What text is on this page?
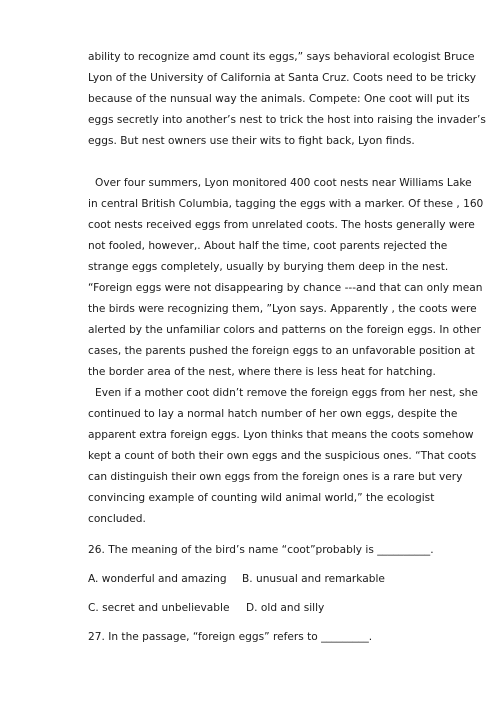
ability to recognize amd count its eggs,” says behavioral ecologist Bruce
Lyon of the University of California at Santa Cruz. Coots need to be tricky
because of the nunsual way the animals. Compete: One coot will put its
eggs secretly into another’s nest to trick the host into raising the invader’s
eggs. But nest owners use their wits to fight back, Lyon finds.
Over four summers, Lyon monitored 400 coot nests near Williams Lake
in central British Columbia, tagging the eggs with a marker. Of these , 160
coot nests received eggs from unrelated coots. The hosts generally were
not fooled, however,. About half the time, coot parents rejected the
strange eggs completely, usually by burying them deep in the nest.
“Foreign eggs were not disappearing by chance ---and that can only mean
the birds were recognizing them, ”Lyon says. Apparently , the coots were
alerted by the unfamiliar colors and patterns on the foreign eggs. In other
cases, the parents pushed the foreign eggs to an unfavorable position at
the border area of the nest, where there is less heat for hatching.
Even if a mother coot didn’t remove the foreign eggs from her nest, she
continued to lay a normal hatch number of her own eggs, despite the
apparent extra foreign eggs. Lyon thinks that means the coots somehow
kept a count of both their own eggs and the suspicious ones. “That coots
can distinguish their own eggs from the foreign ones is a rare but very
convincing example of counting wild animal world,” the ecologist
concluded.

26. The meaning of the bird’s name “coot”probably is __________.

A. wonderful and amazing B. unusual and remarkable

C. secret and unbelievable D. old and silly

27. In the passage, “foreign eggs” refers to _________.
